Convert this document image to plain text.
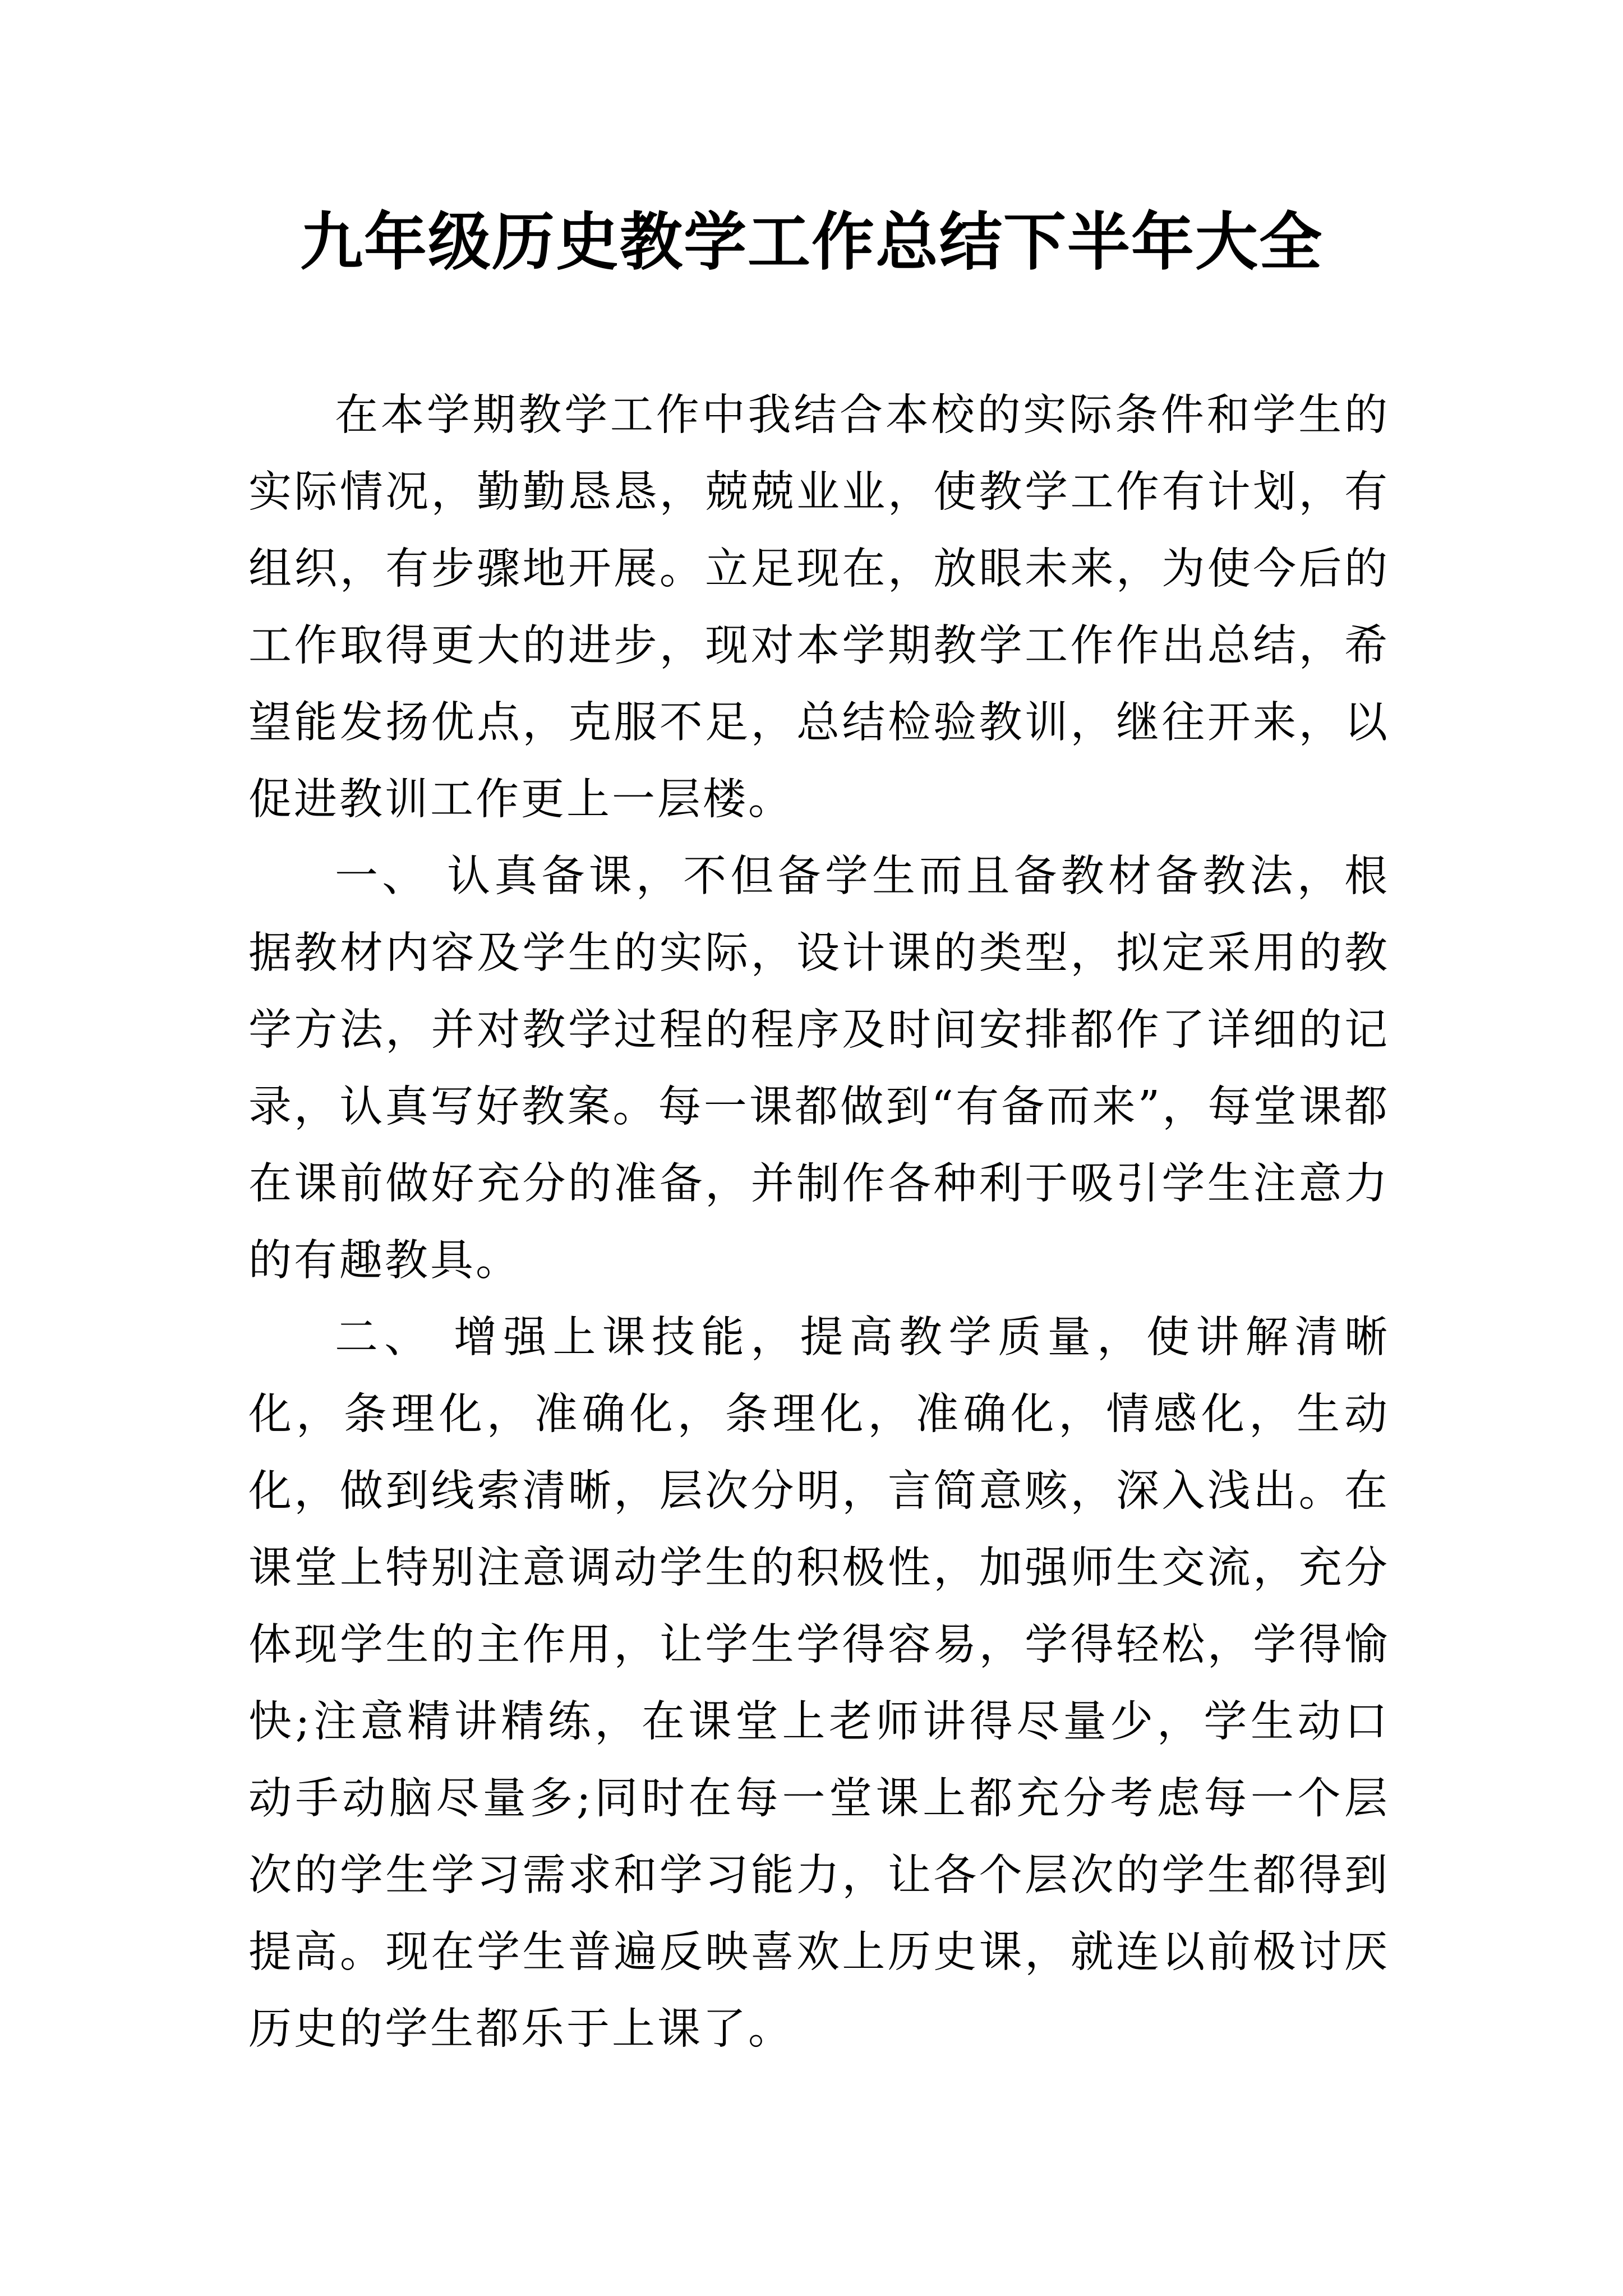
九年级历史教学工作总结下半年大全

在本学期教学工作中我结合本校的实际条件和学生的实际情况，勤勤恳恳，兢兢业业，使教学工作有计划，有组织，有步骤地开展。立足现在，放眼未来，为使今后的工作取得更大的进步，现对本学期教学工作作出总结，希望能发扬优点，克服不足，总结检验教训，继往开来，以促进教训工作更上一层楼。

一、 认真备课，不但备学生而且备教材备教法，根据教材内容及学生的实际，设计课的类型，拟定采用的教学方法，并对教学过程的程序及时间安排都作了详细的记录，认真写好教案。每一课都做到“有备而来”，每堂课都在课前做好充分的准备，并制作各种利于吸引学生注意力的有趣教具。

二、 增强上课技能，提高教学质量，使讲解清晰化，条理化，准确化，条理化，准确化，情感化，生动化，做到线索清晰，层次分明，言简意赅，深入浅出。在课堂上特别注意调动学生的积极性，加强师生交流，充分体现学生的主作用，让学生学得容易，学得轻松，学得愉快;注意精讲精练，在课堂上老师讲得尽量少，学生动口动手动脑尽量多;同时在每一堂课上都充分考虑每一个层次的学生学习需求和学习能力，让各个层次的学生都得到提高。现在学生普遍反映喜欢上历史课，就连以前极讨厌历史的学生都乐于上课了。
